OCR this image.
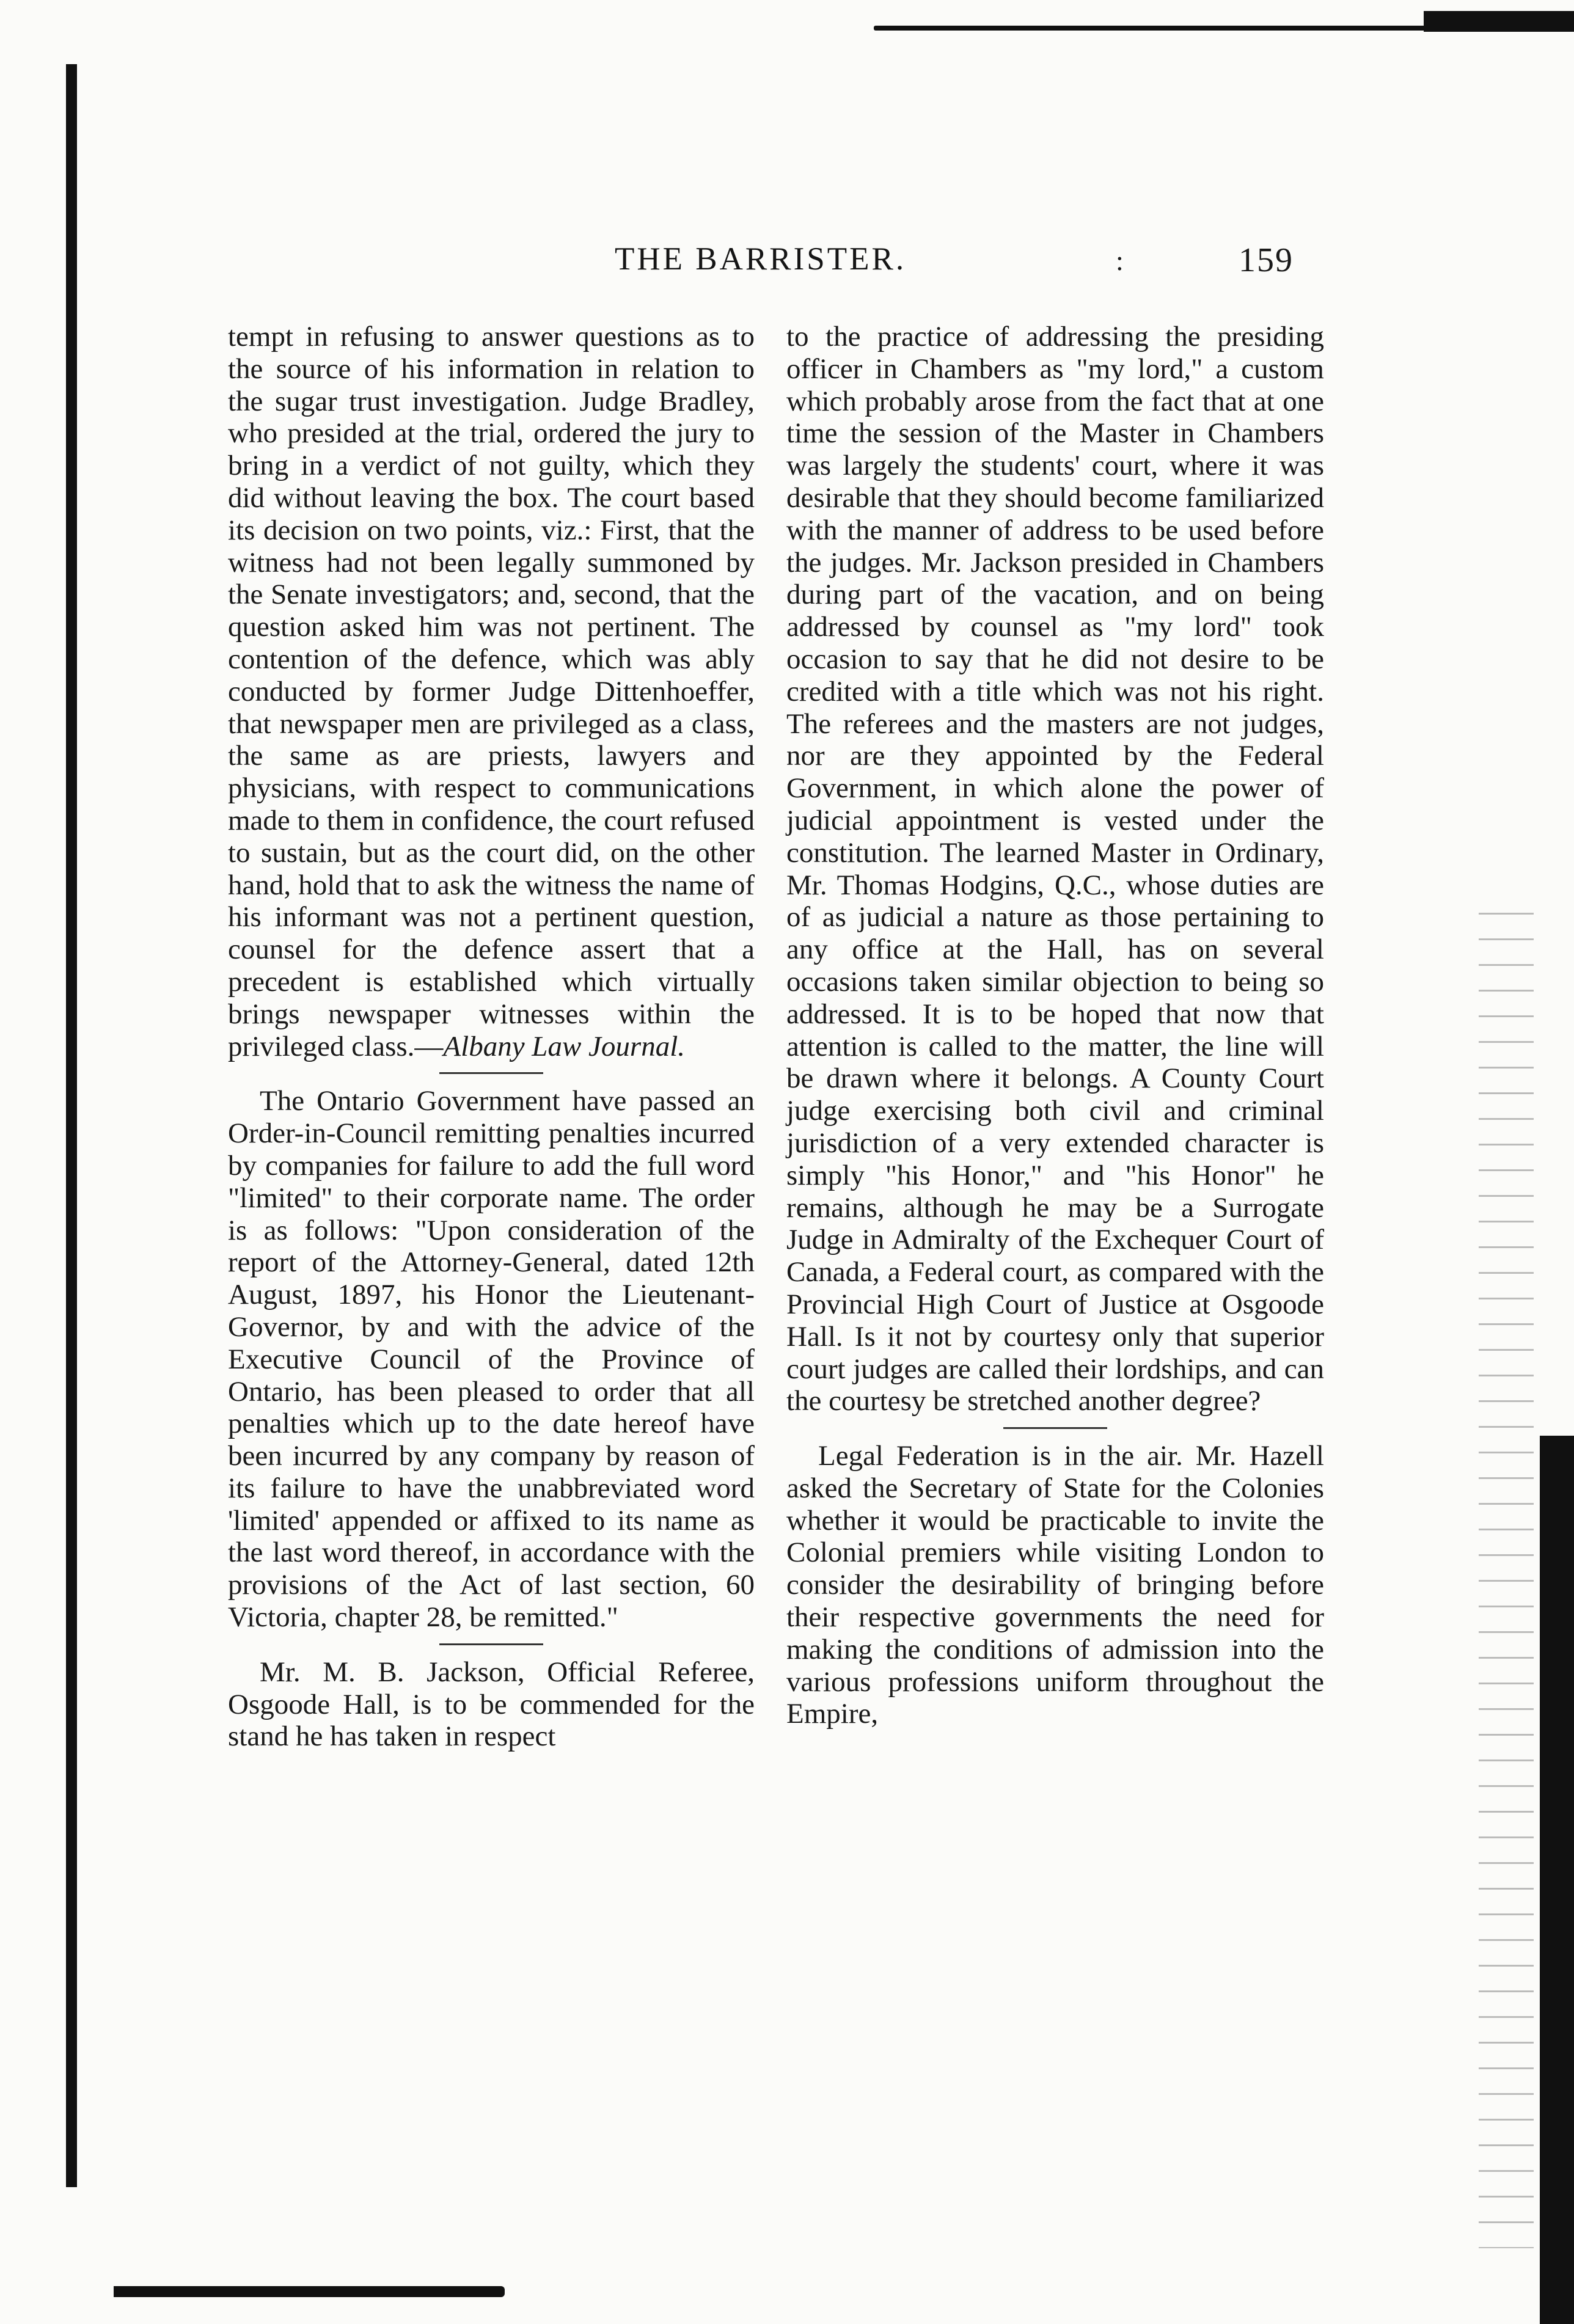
THE BARRISTER.	:	159

tempt in refusing to answer questions as to the source of his information in relation to the sugar trust investigation. Judge Bradley, who presided at the trial, ordered the jury to bring in a verdict of not guilty, which they did without leaving the box. The court based its decision on two points, viz.: First, that the witness had not been legally summoned by the Senate investigators; and, second, that the question asked him was not pertinent. The contention of the defence, which was ably conducted by former Judge Dittenhoeffer, that newspaper men are privileged as a class, the same as are priests, lawyers and physicians, with respect to communications made to them in confidence, the court refused to sustain, but as the court did, on the other hand, hold that to ask the witness the name of his informant was not a pertinent question, counsel for the defence assert that a precedent is established which virtually brings newspaper witnesses within the privileged class.—Albany Law Journal.

The Ontario Government have passed an Order-in-Council remitting penalties incurred by companies for failure to add the full word "limited" to their corporate name. The order is as follows: "Upon consideration of the report of the Attorney-General, dated 12th August, 1897, his Honor the Lieutenant-Governor, by and with the advice of the Executive Council of the Province of Ontario, has been pleased to order that all penalties which up to the date hereof have been incurred by any company by reason of its failure to have the unabbreviated word 'limited' appended or affixed to its name as the last word thereof, in accordance with the provisions of the Act of last section, 60 Victoria, chapter 28, be remitted."

Mr. M. B. Jackson, Official Referee, Osgoode Hall, is to be commended for the stand he has taken in respect

to the practice of addressing the presiding officer in Chambers as "my lord," a custom which probably arose from the fact that at one time the session of the Master in Chambers was largely the students' court, where it was desirable that they should become familiarized with the manner of address to be used before the judges. Mr. Jackson presided in Chambers during part of the vacation, and on being addressed by counsel as "my lord" took occasion to say that he did not desire to be credited with a title which was not his right. The referees and the masters are not judges, nor are they appointed by the Federal Government, in which alone the power of judicial appointment is vested under the constitution. The learned Master in Ordinary, Mr. Thomas Hodgins, Q.C., whose duties are of as judicial a nature as those pertaining to any office at the Hall, has on several occasions taken similar objection to being so addressed. It is to be hoped that now that attention is called to the matter, the line will be drawn where it belongs. A County Court judge exercising both civil and criminal jurisdiction of a very extended character is simply "his Honor," and "his Honor" he remains, although he may be a Surrogate Judge in Admiralty of the Exchequer Court of Canada, a Federal court, as compared with the Provincial High Court of Justice at Osgoode Hall. Is it not by courtesy only that superior court judges are called their lordships, and can the courtesy be stretched another degree?

Legal Federation is in the air. Mr. Hazell asked the Secretary of State for the Colonies whether it would be practicable to invite the Colonial premiers while visiting London to consider the desirability of bringing before their respective governments the need for making the conditions of admission into the various professions uniform throughout the Empire,
